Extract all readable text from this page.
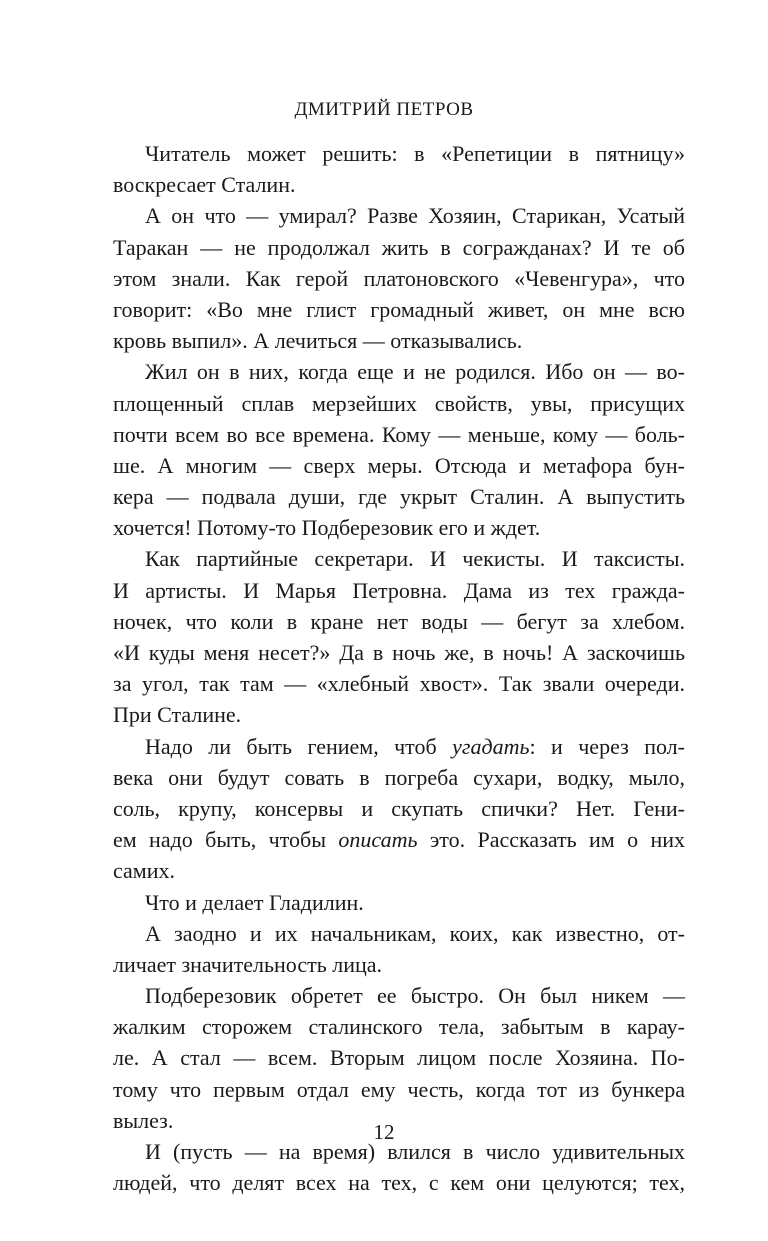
ДМИТРИЙ ПЕТРОВ
Читатель может решить: в «Репетиции в пятницу»
воскресает Сталин.
А он что — умирал? Разве Хозяин, Старикан, Усатый
Таракан — не продолжал жить в согражданах? И те об
этом знали. Как герой платоновского «Чевенгура», что
говорит: «Во мне глист громадный живет, он мне всю
кровь выпил». А лечиться — отказывались.
Жил он в них, когда еще и не родился. Ибо он — во-
площенный сплав мерзейших свойств, увы, присущих
почти всем во все времена. Кому — меньше, кому — боль-
ше. А многим — сверх меры. Отсюда и метафора бун-
кера — подвала души, где укрыт Сталин. А выпустить
хочется! Потому-то Подберезовик его и ждет.
Как партийные секретари. И чекисты. И таксисты.
И артисты. И Марья Петровна. Дама из тех гражда-
ночек, что коли в кране нет воды — бегут за хлебом.
«И куды меня несет?» Да в ночь же, в ночь! А заскочишь
за угол, так там — «хлебный хвост». Так звали очереди.
При Сталине.
Надо ли быть гением, чтоб угадать: и через пол-
века они будут совать в погреба сухари, водку, мыло,
соль, крупу, консервы и скупать спички? Нет. Гени-
ем надо быть, чтобы описать это. Рассказать им о них
самих.
Что и делает Гладилин.
А заодно и их начальникам, коих, как известно, от-
личает значительность лица.
Подберезовик обретет ее быстро. Он был никем —
жалким сторожем сталинского тела, забытым в карау-
ле. А стал — всем. Вторым лицом после Хозяина. По-
тому что первым отдал ему честь, когда тот из бункера
вылез.
И (пусть — на время) влился в число удивительных
людей, что делят всех на тех, с кем они целуются; тех,
12
